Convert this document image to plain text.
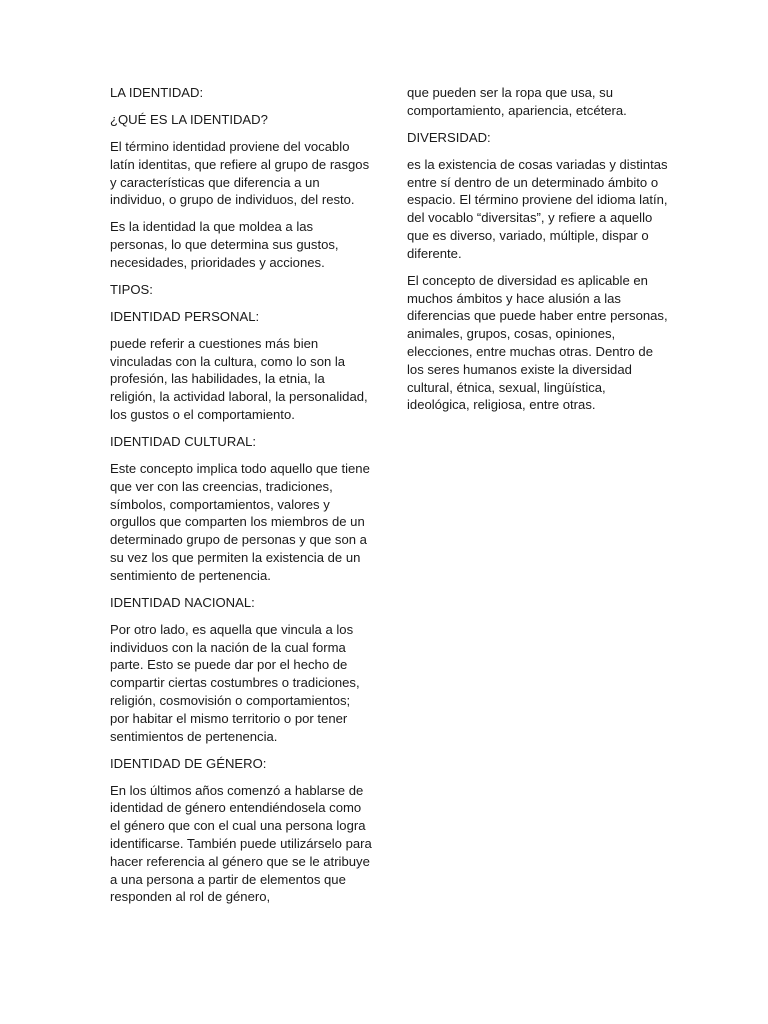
LA IDENTIDAD:

¿QUÉ ES LA IDENTIDAD?

El término identidad proviene del vocablo latín identitas, que refiere al grupo de rasgos y características que diferencia a un individuo, o grupo de individuos, del resto.

Es la identidad la que moldea a las personas, lo que determina sus gustos, necesidades, prioridades y acciones.

TIPOS:

IDENTIDAD PERSONAL:

puede referir a cuestiones más bien vinculadas con la cultura, como lo son la profesión, las habilidades, la etnia, la religión, la actividad laboral, la personalidad, los gustos o el comportamiento.

IDENTIDAD CULTURAL:

Este concepto implica todo aquello que tiene que ver con las creencias, tradiciones, símbolos, comportamientos, valores y orgullos que comparten los miembros de un determinado grupo de personas y que son a su vez los que permiten la existencia de un sentimiento de pertenencia.

IDENTIDAD NACIONAL:

Por otro lado, es aquella que vincula a los individuos con la nación de la cual forma parte. Esto se puede dar por el hecho de compartir ciertas costumbres o tradiciones, religión, cosmovisión o comportamientos; por habitar el mismo territorio o por tener sentimientos de pertenencia.

IDENTIDAD DE GÉNERO:

En los últimos años comenzó a hablarse de identidad de género entendiéndosela como el género que con el cual una persona logra identificarse. También puede utilizárselo para hacer referencia al género que se le atribuye a una persona a partir de elementos que responden al rol de género,

que pueden ser la ropa que usa, su comportamiento, apariencia, etcétera.

DIVERSIDAD:

es la existencia de cosas variadas y distintas entre sí dentro de un determinado ámbito o espacio. El término proviene del idioma latín, del vocablo “diversitas”, y refiere a aquello que es diverso, variado, múltiple, dispar o diferente.

El concepto de diversidad es aplicable en muchos ámbitos y hace alusión a las diferencias que puede haber entre personas, animales, grupos, cosas, opiniones, elecciones, entre muchas otras. Dentro de los seres humanos existe la diversidad cultural, étnica, sexual, lingüística, ideológica, religiosa, entre otras.
